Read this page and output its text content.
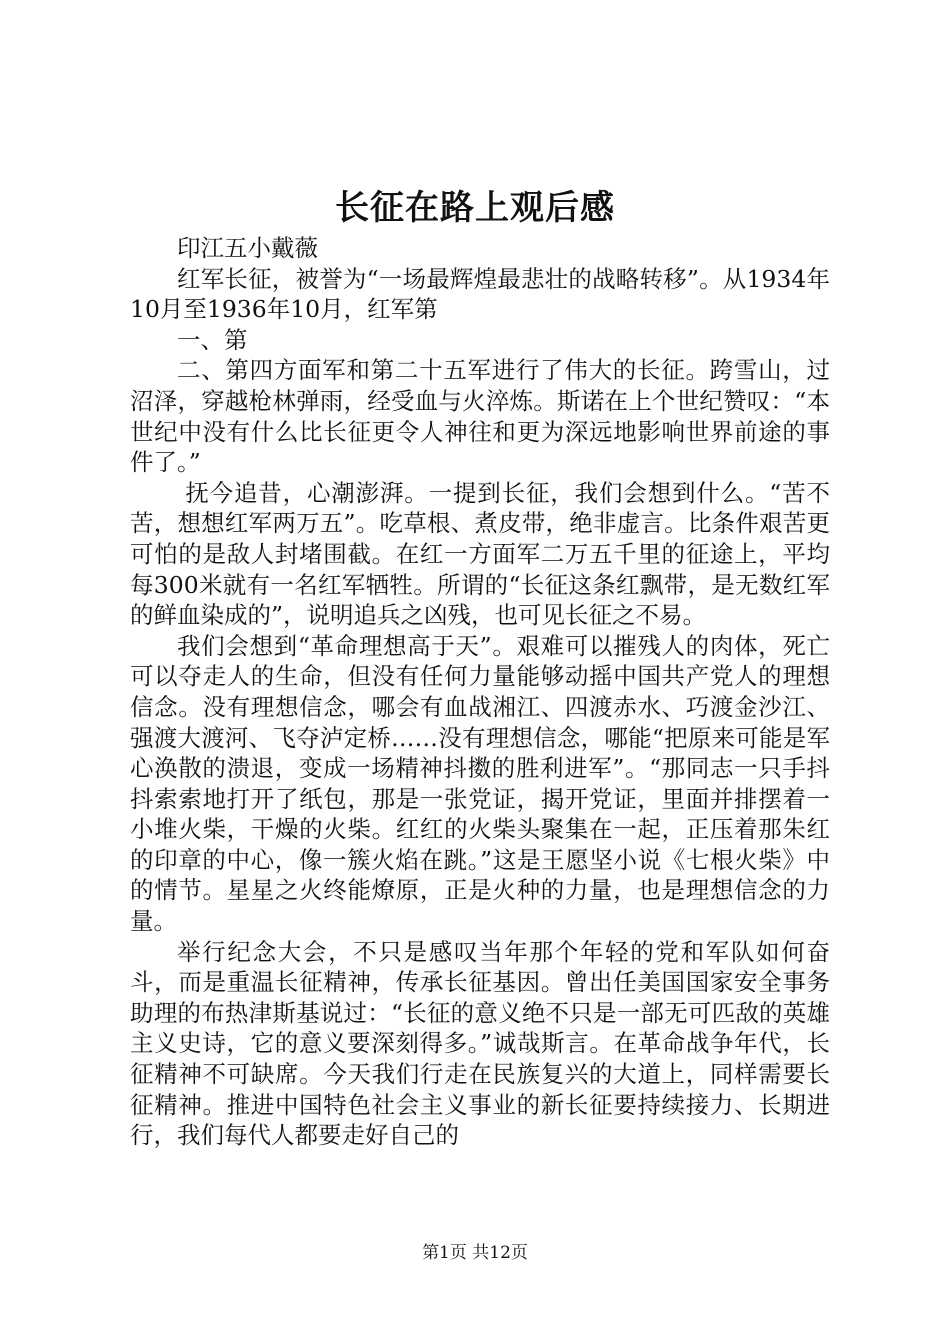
长征在路上观后感

印江五小戴薇

红军长征，被誉为“一场最辉煌最悲壮的战略转移”。从1934年10月至1936年10月，红军第

一、第

二、第四方面军和第二十五军进行了伟大的长征。跨雪山，过沼泽，穿越枪林弹雨，经受血与火淬炼。斯诺在上个世纪赞叹：“本世纪中没有什么比长征更令人神往和更为深远地影响世界前途的事件了。”

抚今追昔，心潮澎湃。一提到长征，我们会想到什么。“苦不苦，想想红军两万五”。吃草根、煮皮带，绝非虚言。比条件艰苦更可怕的是敌人封堵围截。在红一方面军二万五千里的征途上，平均每300米就有一名红军牺牲。所谓的“长征这条红飘带，是无数红军的鲜血染成的”，说明追兵之凶残，也可见长征之不易。

我们会想到“革命理想高于天”。艰难可以摧残人的肉体，死亡可以夺走人的生命，但没有任何力量能够动摇中国共产党人的理想信念。没有理想信念，哪会有血战湘江、四渡赤水、巧渡金沙江、强渡大渡河、飞夺泸定桥……没有理想信念，哪能“把原来可能是军心涣散的溃退，变成一场精神抖擞的胜利进军”。“那同志一只手抖抖索索地打开了纸包，那是一张党证，揭开党证，里面并排摆着一小堆火柴，干燥的火柴。红红的火柴头聚集在一起，正压着那朱红的印章的中心，像一簇火焰在跳。”这是王愿坚小说《七根火柴》中的情节。星星之火终能燎原，正是火种的力量，也是理想信念的力量。

举行纪念大会，不只是感叹当年那个年轻的党和军队如何奋斗，而是重温长征精神，传承长征基因。曾出任美国国家安全事务助理的布热津斯基说过：“长征的意义绝不只是一部无可匹敌的英雄主义史诗，它的意义要深刻得多。”诚哉斯言。在革命战争年代，长征精神不可缺席。今天我们行走在民族复兴的大道上，同样需要长征精神。推进中国特色社会主义事业的新长征要持续接力、长期进行，我们每代人都要走好自己的

第1页 共12页
